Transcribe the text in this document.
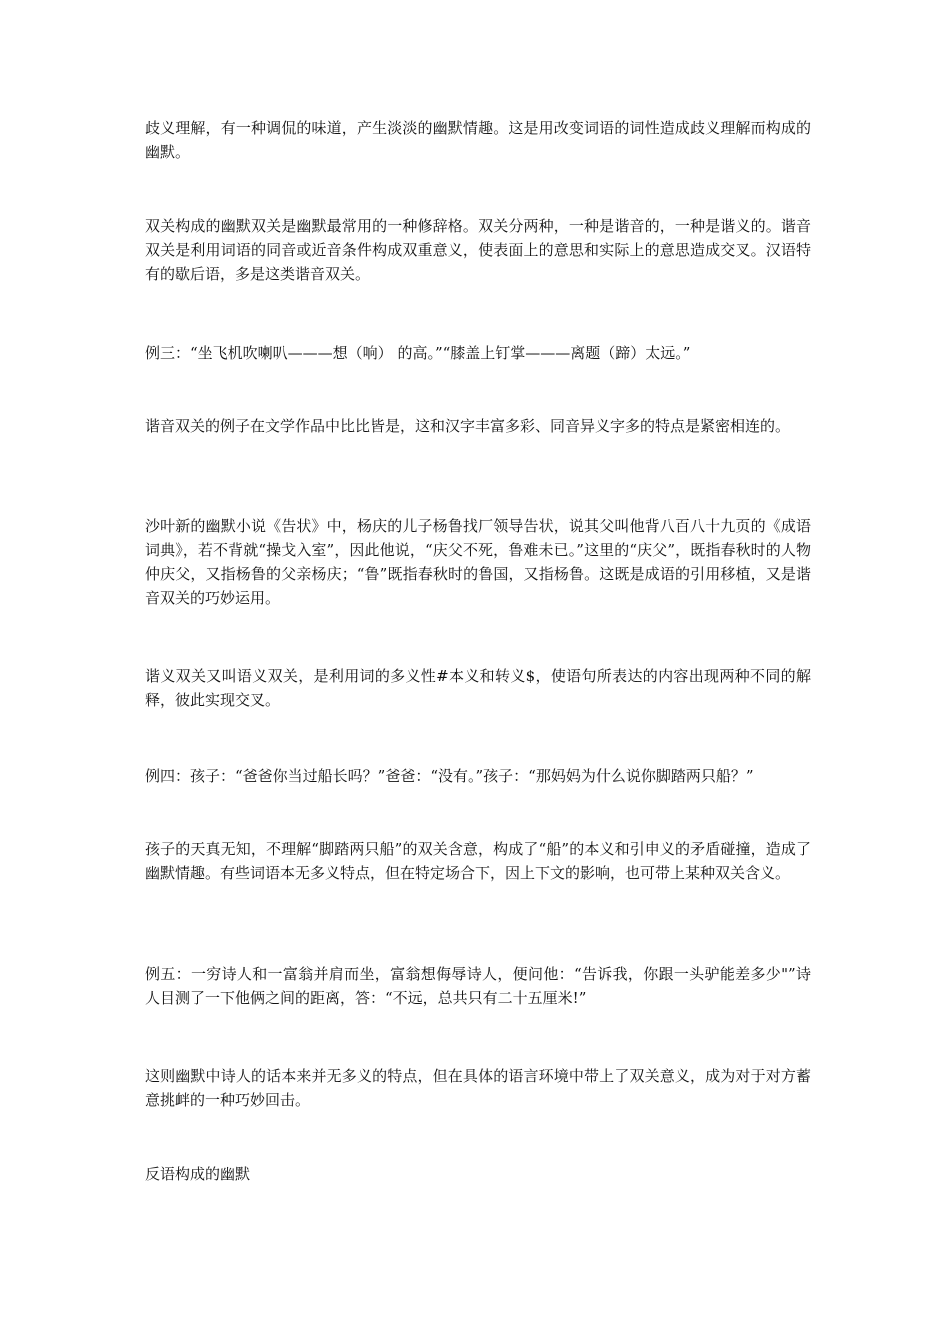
歧义理解，有一种调侃的味道，产生淡淡的幽默情趣。这是用改变词语的词性造成歧义理解而构成的幽默。

双关构成的幽默双关是幽默最常用的一种修辞格。双关分两种，一种是谐音的，一种是谐义的。谐音双关是利用词语的同音或近音条件构成双重意义，使表面上的意思和实际上的意思造成交叉。汉语特有的歇后语，多是这类谐音双关。

例三：“坐飞机吹喇叭———想（响） 的高。”“膝盖上钉掌———离题（蹄）太远。”

谐音双关的例子在文学作品中比比皆是，这和汉字丰富多彩、同音异义字多的特点是紧密相连的。

沙叶新的幽默小说《告状》中，杨庆的儿子杨鲁找厂领导告状，说其父叫他背八百八十九页的《成语词典》，若不背就“操戈入室”，因此他说，“庆父不死，鲁难未已。”这里的“庆父”，既指春秋时的人物仲庆父，又指杨鲁的父亲杨庆；“鲁”既指春秋时的鲁国，又指杨鲁。这既是成语的引用移植，又是谐音双关的巧妙运用。

谐义双关又叫语义双关，是利用词的多义性#本义和转义$，使语句所表达的内容出现两种不同的解释，彼此实现交叉。

例四：孩子：“爸爸你当过船长吗？”爸爸：“没有。”孩子：“那妈妈为什么说你脚踏两只船？”

孩子的天真无知，不理解“脚踏两只船”的双关含意，构成了“船”的本义和引申义的矛盾碰撞，造成了幽默情趣。有些词语本无多义特点，但在特定场合下，因上下文的影响，也可带上某种双关含义。

例五：一穷诗人和一富翁并肩而坐，富翁想侮辱诗人，便问他：“告诉我，你跟一头驴能差多少"”诗人目测了一下他俩之间的距离，答：“不远，总共只有二十五厘米!”

这则幽默中诗人的话本来并无多义的特点，但在具体的语言环境中带上了双关意义，成为对于对方蓄意挑衅的一种巧妙回击。

反语构成的幽默
